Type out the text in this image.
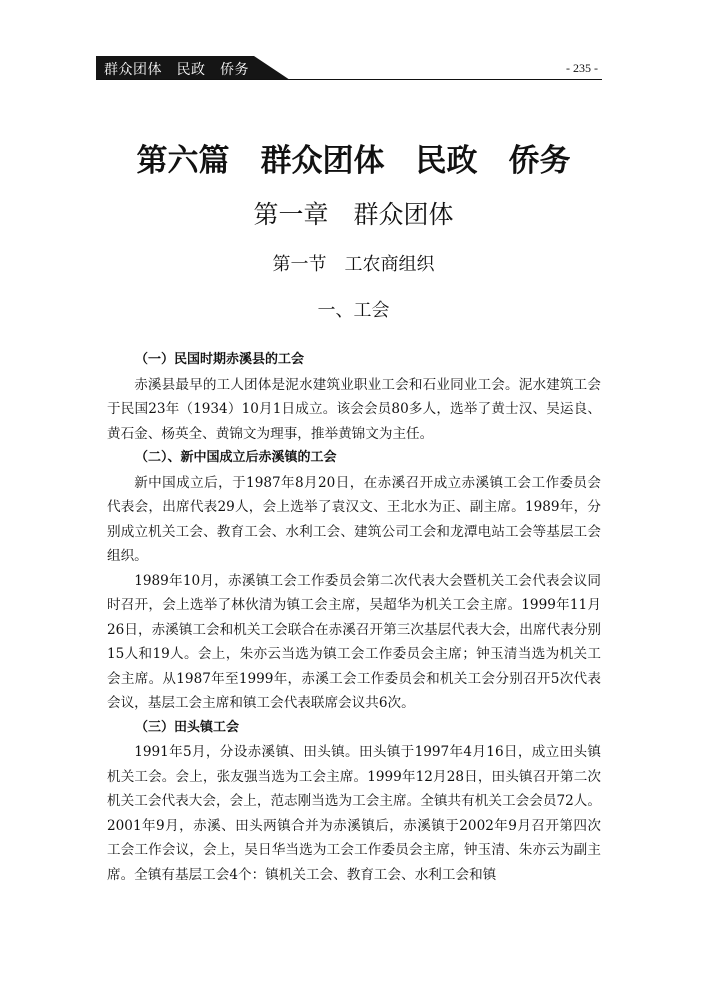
群众团体　民政　侨务	- 235 -
第六篇　群众团体　民政　侨务
第一章　群众团体
第一节　工农商组织
一、工会
（一）民国时期赤溪县的工会

赤溪县最早的工人团体是泥水建筑业职业工会和石业同业工会。泥水建筑工会于民国23年（1934）10月1日成立。该会会员80多人，选举了黄士汉、吴运良、黄石金、杨英全、黄锦文为理事，推举黄锦文为主任。

（二）、新中国成立后赤溪镇的工会

新中国成立后，于1987年8月20日，在赤溪召开成立赤溪镇工会工作委员会代表会，出席代表29人，会上选举了袁汉文、王北水为正、副主席。1989年，分别成立机关工会、教育工会、水利工会、建筑公司工会和龙潭电站工会等基层工会组织。

1989年10月，赤溪镇工会工作委员会第二次代表大会暨机关工会代表会议同时召开，会上选举了林伙清为镇工会主席，吴超华为机关工会主席。1999年11月26日，赤溪镇工会和机关工会联合在赤溪召开第三次基层代表大会，出席代表分别15人和19人。会上，朱亦云当选为镇工会工作委员会主席；钟玉清当选为机关工会主席。从1987年至1999年，赤溪工会工作委员会和机关工会分别召开5次代表会议，基层工会主席和镇工会代表联席会议共6次。

（三）田头镇工会

1991年5月，分设赤溪镇、田头镇。田头镇于1997年4月16日，成立田头镇机关工会。会上，张友强当选为工会主席。1999年12月28日，田头镇召开第二次机关工会代表大会，会上，范志刚当选为工会主席。全镇共有机关工会会员72人。2001年9月，赤溪、田头两镇合并为赤溪镇后，赤溪镇于2002年9月召开第四次工会工作会议，会上，吴日华当选为工会工作委员会主席，钟玉清、朱亦云为副主席。全镇有基层工会4个：镇机关工会、教育工会、水利工会和镇
